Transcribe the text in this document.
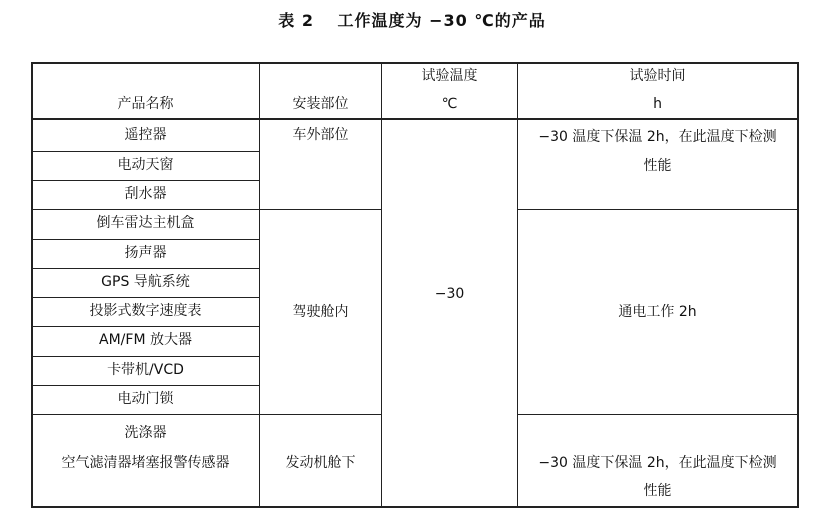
表 2　 工作温度为 −30 ℃的产品
产品名称	安装部位
试验温度
℃
试验时间
h
遥控器
电动天窗
刮水器
倒车雷达主机盒
扬声器
GPS 导航系统
投影式数字速度表
AM/FM 放大器
卡带机/VCD
电动门锁
洗涤器
空气滤清器堵塞报警传感器
车外部位
驾驶舱内
发动机舱下
−30
−30 温度下保温 2h，在此温度下检测
性能
通电工作 2h
−30 温度下保温 2h，在此温度下检测
性能
